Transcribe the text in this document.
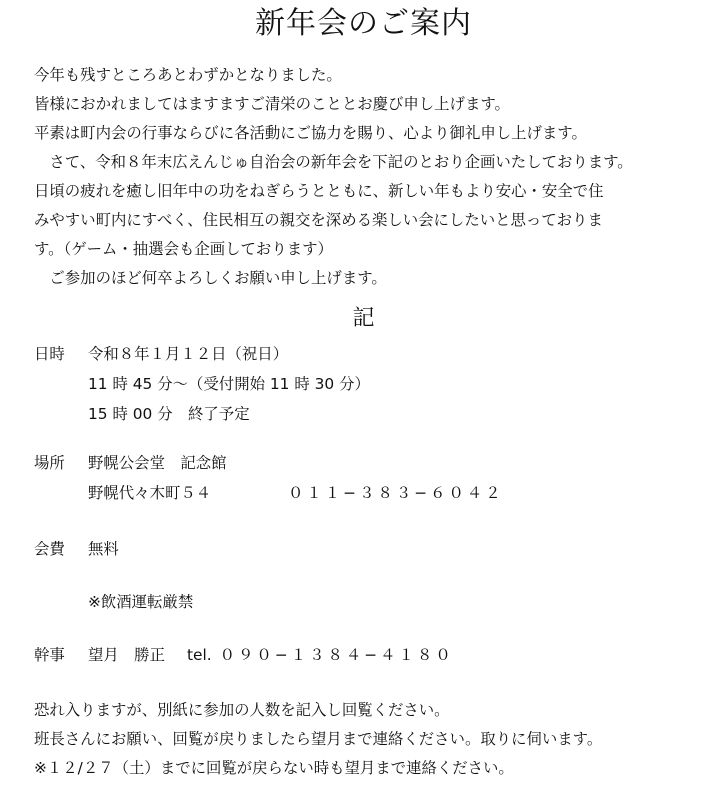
新年会のご案内
今年も残すところあとわずかとなりました。
皆様におかれましてはますますご清栄のこととお慶び申し上げます。
平素は町内会の行事ならびに各活動にご協力を賜り、心より御礼申し上げます。
　さて、令和８年末広えんじゅ自治会の新年会を下記のとおり企画いたしております。
日頃の疲れを癒し旧年中の功をねぎらうとともに、新しい年もより安心・安全で住
みやすい町内にすべく、住民相互の親交を深める楽しい会にしたいと思っておりま
す。（ゲーム・抽選会も企画しております）
　ご参加のほど何卒よろしくお願い申し上げます。
記
日時 令和８年１月１２日（祝日）
11 時 45 分～（受付開始 11 時 30 分）
15 時 00 分　終了予定
場所 野幌公会堂　記念館
野幌代々木町５４	０１１−３８３−６０４２
会費 無料
※飲酒運転厳禁
幹事 望月　勝正 tel. ０９０−１３８４−４１８０
恐れ入りますが、別紙に参加の人数を記入し回覧ください。
班長さんにお願い、回覧が戻りましたら望月まで連絡ください。取りに伺います。
※１２/２７（土）までに回覧が戻らない時も望月まで連絡ください。
